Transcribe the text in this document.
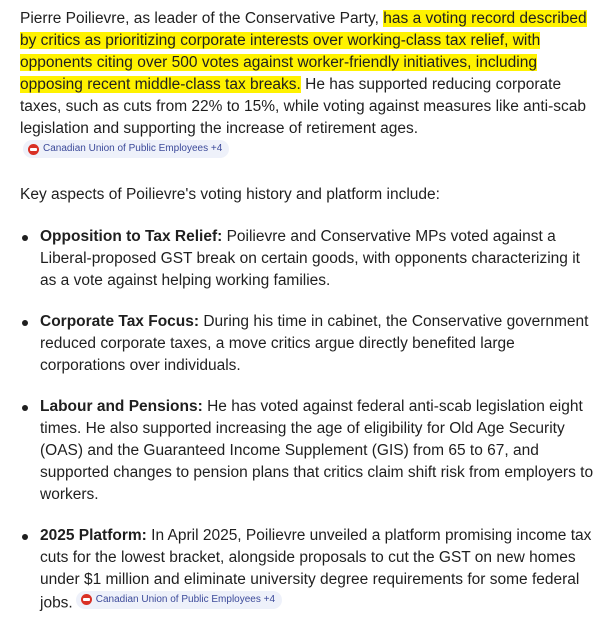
Pierre Poilievre, as leader of the Conservative Party, has a voting record described by critics as prioritizing corporate interests over working-class tax relief, with opponents citing over 500 votes against worker-friendly initiatives, including opposing recent middle-class tax breaks. He has supported reducing corporate taxes, such as cuts from 22% to 15%, while voting against measures like anti-scab legislation and supporting the increase of retirement ages.
Canadian Union of Public Employees +4

Key aspects of Poilievre's voting history and platform include:

Opposition to Tax Relief: Poilievre and Conservative MPs voted against a Liberal-proposed GST break on certain goods, with opponents characterizing it as a vote against helping working families.
Corporate Tax Focus: During his time in cabinet, the Conservative government reduced corporate taxes, a move critics argue directly benefited large corporations over individuals.
Labour and Pensions: He has voted against federal anti-scab legislation eight times. He also supported increasing the age of eligibility for Old Age Security (OAS) and the Guaranteed Income Supplement (GIS) from 65 to 67, and supported changes to pension plans that critics claim shift risk from employers to workers.
2025 Platform: In April 2025, Poilievre unveiled a platform promising income tax cuts for the lowest bracket, alongside proposals to cut the GST on new homes under $1 million and eliminate university degree requirements for some federal jobs. Canadian Union of Public Employees +4
